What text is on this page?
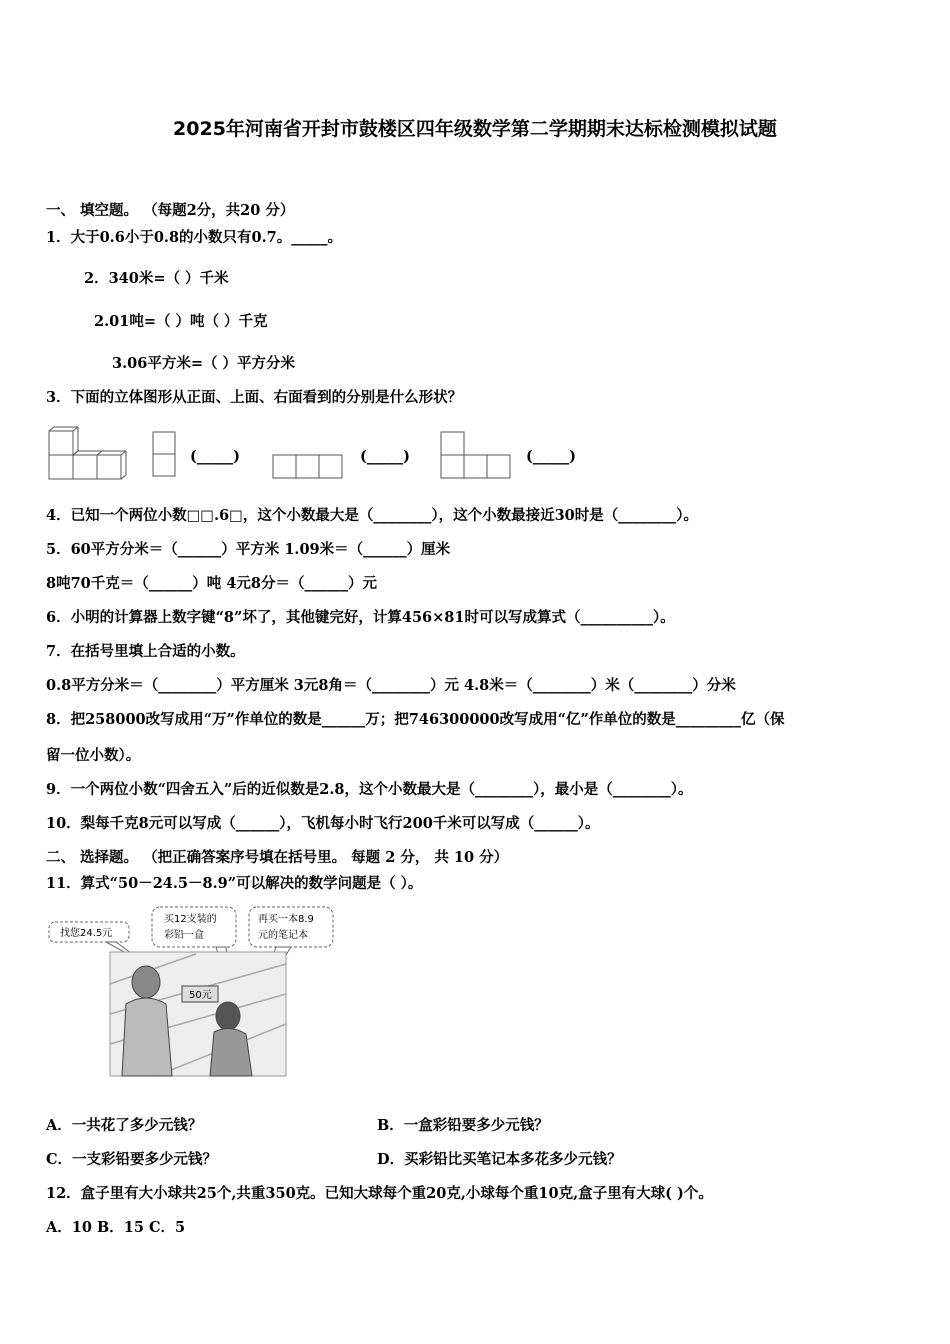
2025年河南省开封市鼓楼区四年级数学第二学期期末达标检测模拟试题
一、 填空题。 （每题2分，共20 分）
1．大于0.6小于0.8的小数只有0.7。_____。
2．340米=（ ）千米
2.01吨=（ ）吨（ ）千克
3.06平方米=（ ）平方分米
3．下面的立体图形从正面、上面、右面看到的分别是什么形状？
(_____)	(_____)	(_____)
4．已知一个两位小数□□.6□，这个小数最大是（________），这个小数最接近30时是（________）。
5．60平方分米＝（______）平方米 1.09米＝（______）厘米
8吨70千克＝（______）吨 4元8分＝（______）元
6．小明的计算器上数字键“8”坏了，其他键完好，计算456×81时可以写成算式（__________）。
7．在括号里填上合适的小数。
0.8平方分米＝（________）平方厘米 3元8角＝（________）元 4.8米＝（________）米（________）分米
8．把258000改写成用“万”作单位的数是______万；把746300000改写成用“亿”作单位的数是_________亿（保
留一位小数）。
9．一个两位小数“四舍五入”后的近似数是2.8，这个小数最大是（________），最小是（________）。
10．梨每千克8元可以写成（______），飞机每小时飞行200千米可以写成（______）。
二、 选择题。 （把正确答案序号填在括号里。 每题 2 分， 共 10 分）
11．算式“50－24.5－8.9”可以解决的数学问题是（ ）。
找您24.5元
买12支装的
彩铅一盒
再买一本8.9
元的笔记本
50元
A．一共花了多少元钱？	B．一盒彩铅要多少元钱？
C．一支彩铅要多少元钱？	D．买彩铅比买笔记本多花多少元钱？
12．盒子里有大小球共25个,共重350克。已知大球每个重20克,小球每个重10克,盒子里有大球( )个。
A．10 B．15 C．5
